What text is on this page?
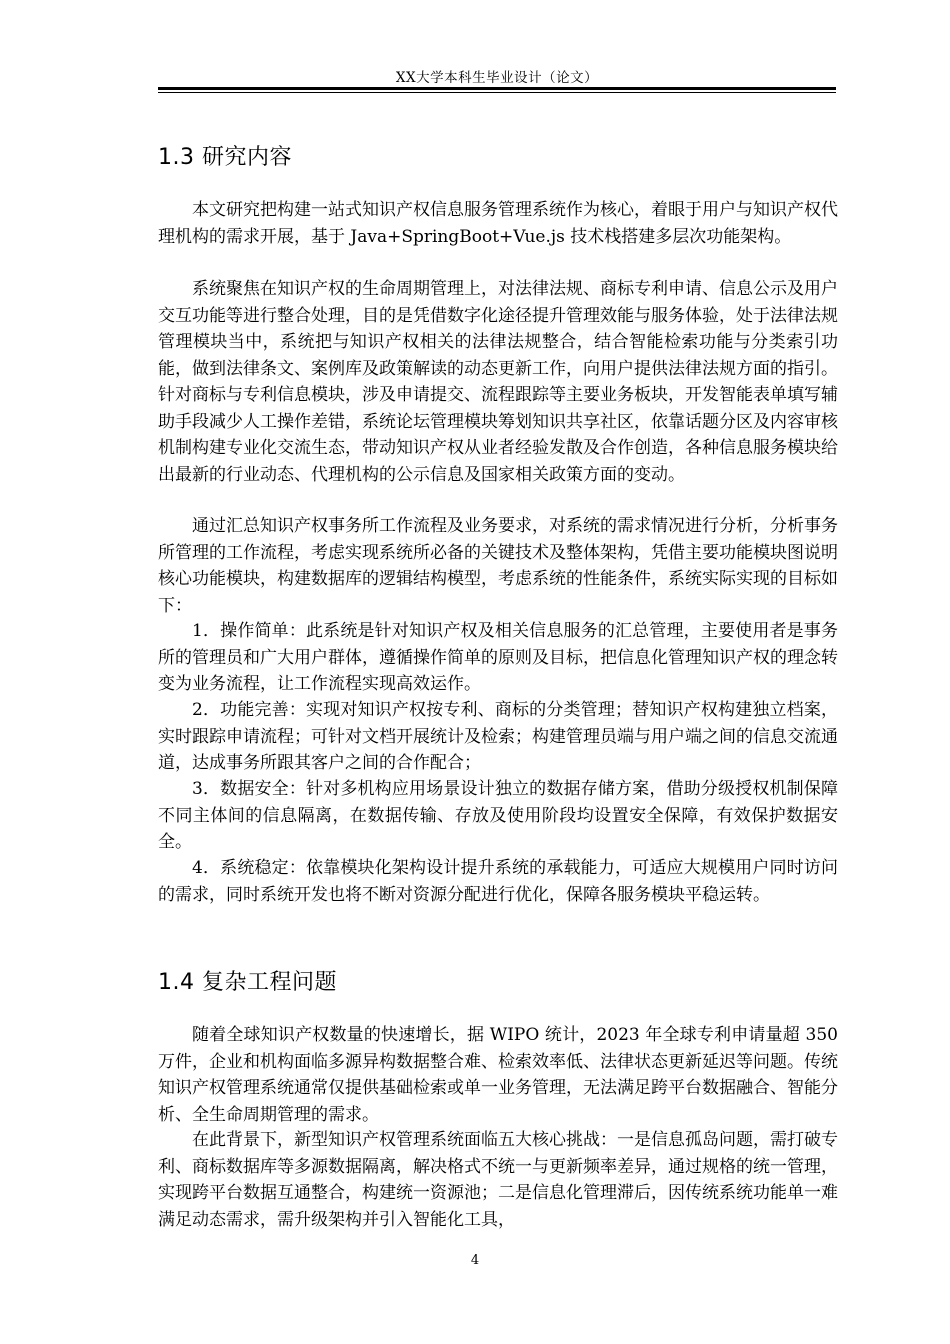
XX大学本科生毕业设计（论文）
1.3 研究内容

本文研究把构建一站式知识产权信息服务管理系统作为核心，着眼于用户与知识产权代理机构的需求开展，基于 Java+SpringBoot+Vue.js 技术栈搭建多层次功能架构。

系统聚焦在知识产权的生命周期管理上，对法律法规、商标专利申请、信息公示及用户交互功能等进行整合处理，目的是凭借数字化途径提升管理效能与服务体验，处于法律法规管理模块当中，系统把与知识产权相关的法律法规整合，结合智能检索功能与分类索引功能，做到法律条文、案例库及政策解读的动态更新工作，向用户提供法律法规方面的指引。针对商标与专利信息模块，涉及申请提交、流程跟踪等主要业务板块，开发智能表单填写辅助手段减少人工操作差错，系统论坛管理模块筹划知识共享社区，依靠话题分区及内容审核机制构建专业化交流生态，带动知识产权从业者经验发散及合作创造，各种信息服务模块给出最新的行业动态、代理机构的公示信息及国家相关政策方面的变动。

通过汇总知识产权事务所工作流程及业务要求，对系统的需求情况进行分析，分析事务所管理的工作流程，考虑实现系统所必备的关键技术及整体架构，凭借主要功能模块图说明核心功能模块，构建数据库的逻辑结构模型，考虑系统的性能条件，系统实际实现的目标如下：

1．操作简单：此系统是针对知识产权及相关信息服务的汇总管理，主要使用者是事务所的管理员和广大用户群体，遵循操作简单的原则及目标，把信息化管理知识产权的理念转变为业务流程，让工作流程实现高效运作。

2．功能完善：实现对知识产权按专利、商标的分类管理；替知识产权构建独立档案，实时跟踪申请流程；可针对文档开展统计及检索；构建管理员端与用户端之间的信息交流通道，达成事务所跟其客户之间的合作配合；

3．数据安全：针对多机构应用场景设计独立的数据存储方案，借助分级授权机制保障不同主体间的信息隔离，在数据传输、存放及使用阶段均设置安全保障，有效保护数据安全。

4．系统稳定：依靠模块化架构设计提升系统的承载能力，可适应大规模用户同时访问的需求，同时系统开发也将不断对资源分配进行优化，保障各服务模块平稳运转。

1.4 复杂工程问题

随着全球知识产权数量的快速增长，据 WIPO 统计，2023 年全球专利申请量超 350 万件，企业和机构面临多源异构数据整合难、检索效率低、法律状态更新延迟等问题。传统知识产权管理系统通常仅提供基础检索或单一业务管理，无法满足跨平台数据融合、智能分析、全生命周期管理的需求。

在此背景下，新型知识产权管理系统面临五大核心挑战：一是信息孤岛问题，需打破专利、商标数据库等多源数据隔离，解决格式不统一与更新频率差异，通过规格的统一管理，实现跨平台数据互通整合，构建统一资源池；二是信息化管理滞后，因传统系统功能单一难满足动态需求，需升级架构并引入智能化工具，

4
